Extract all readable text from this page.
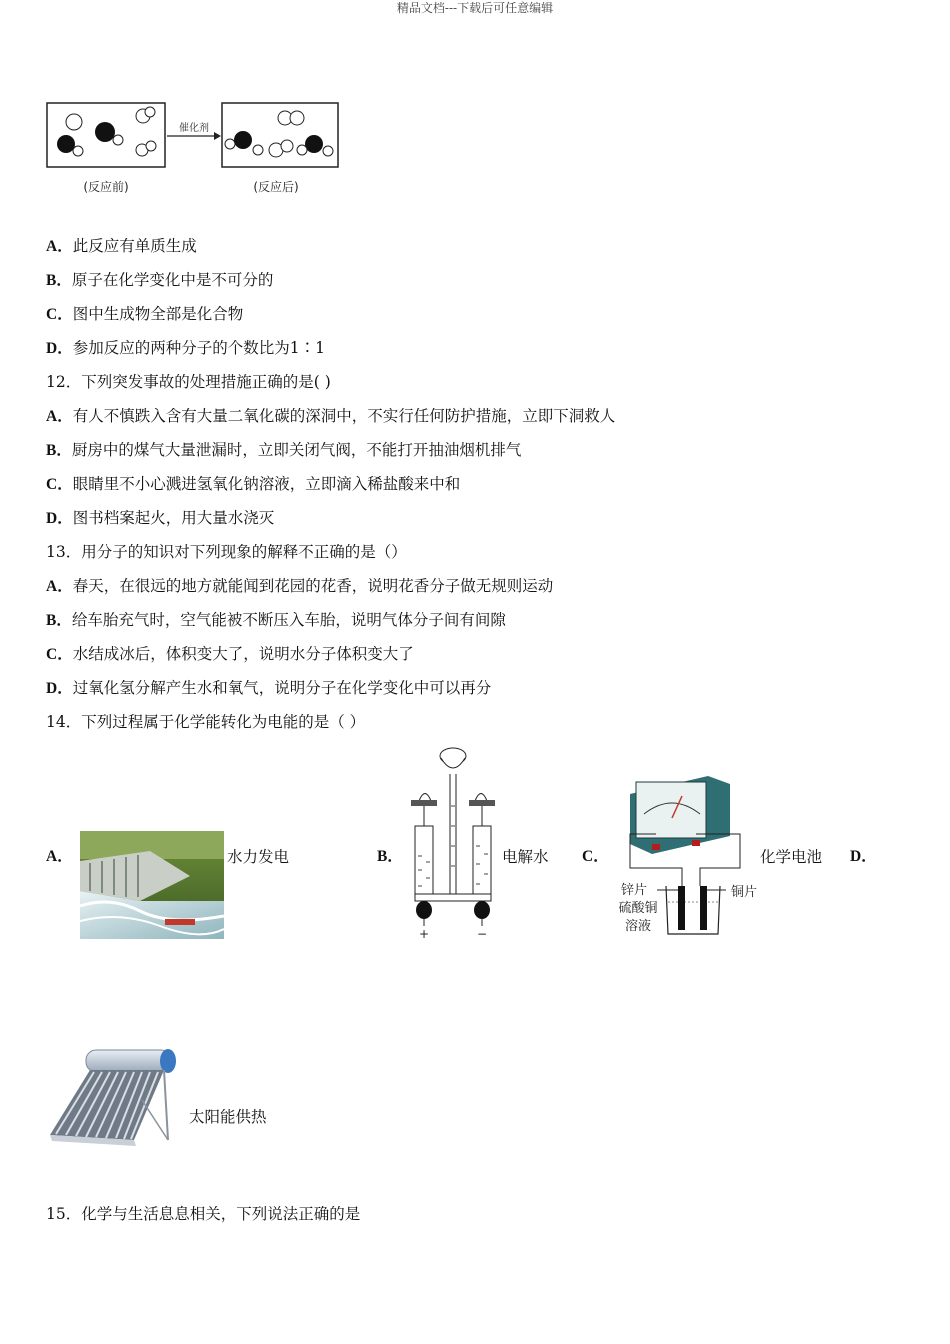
精品文档---下载后可任意编辑
催化剂
(反应前)	(反应后)
A．此反应有单质生成
B．原子在化学变化中是不可分的
C．图中生成物全部是化合物
D．参加反应的两种分子的个数比为1∶1
12．下列突发事故的处理措施正确的是( )
A．有人不慎跌入含有大量二氧化碳的深洞中，不实行任何防护措施，立即下洞救人
B．厨房中的煤气大量泄漏时，立即关闭气阀，不能打开抽油烟机排气
C．眼睛里不小心溅进氢氧化钠溶液，立即滴入稀盐酸来中和
D．图书档案起火，用大量水浇灭
13．用分子的知识对下列现象的解释不正确的是（）
A．春天，在很远的地方就能闻到花园的花香，说明花香分子做无规则运动
B．给车胎充气时，空气能被不断压入车胎，说明气体分子间有间隙
C．水结成冰后，体积变大了，说明水分子体积变大了
D．过氧化氢分解产生水和氧气，说明分子在化学变化中可以再分
14．下列过程属于化学能转化为电能的是（ ）
A．	水力发电	B．
+	−
电解水 C．
锌片	铜片
硫酸铜
溶液
化学电池 D．
太阳能供热
15．化学与生活息息相关，下列说法正确的是
